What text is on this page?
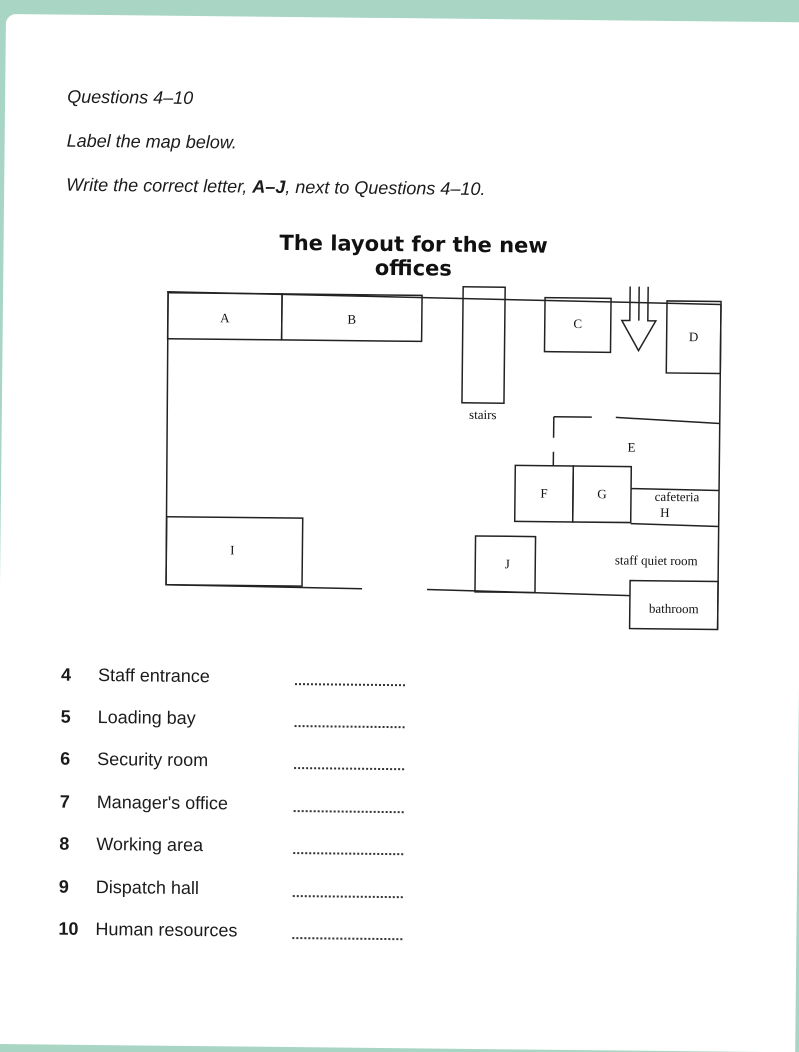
Questions 4–10
Label the map below.
Write the correct letter, A–J, next to Questions 4–10.
The layout for the new offices
A	B	C
D
stairs
E
F	G	cafeteria
H
I
J	staff quiet room
bathroom
4	Staff entrance
5	Loading bay
6	Security room
7	Manager's office
8	Working area
9	Dispatch hall
10 Human resources
